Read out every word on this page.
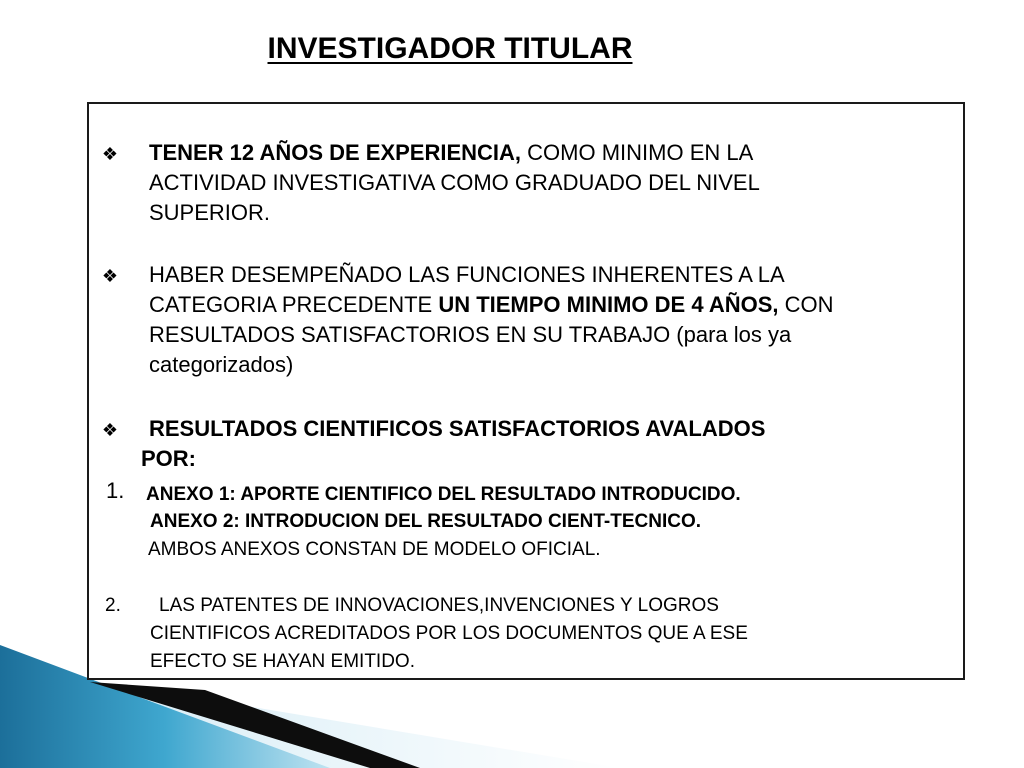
INVESTIGADOR TITULAR
❖ TENER 12 AÑOS DE EXPERIENCIA, COMO MINIMO EN LA
ACTIVIDAD INVESTIGATIVA COMO GRADUADO DEL NIVEL
SUPERIOR.
❖ HABER DESEMPEÑADO LAS FUNCIONES INHERENTES A LA
CATEGORIA PRECEDENTE UN TIEMPO MINIMO DE 4 AÑOS, CON
RESULTADOS SATISFACTORIOS EN SU TRABAJO (para los ya
categorizados)
❖ RESULTADOS CIENTIFICOS SATISFACTORIOS AVALADOS
POR:
1. ANEXO 1: APORTE CIENTIFICO DEL RESULTADO INTRODUCIDO.
ANEXO 2: INTRODUCION DEL RESULTADO CIENT-TECNICO.
AMBOS ANEXOS CONSTAN DE MODELO OFICIAL.
2. LAS PATENTES DE INNOVACIONES,INVENCIONES Y LOGROS
CIENTIFICOS ACREDITADOS POR LOS DOCUMENTOS QUE A ESE
EFECTO SE HAYAN EMITIDO.
